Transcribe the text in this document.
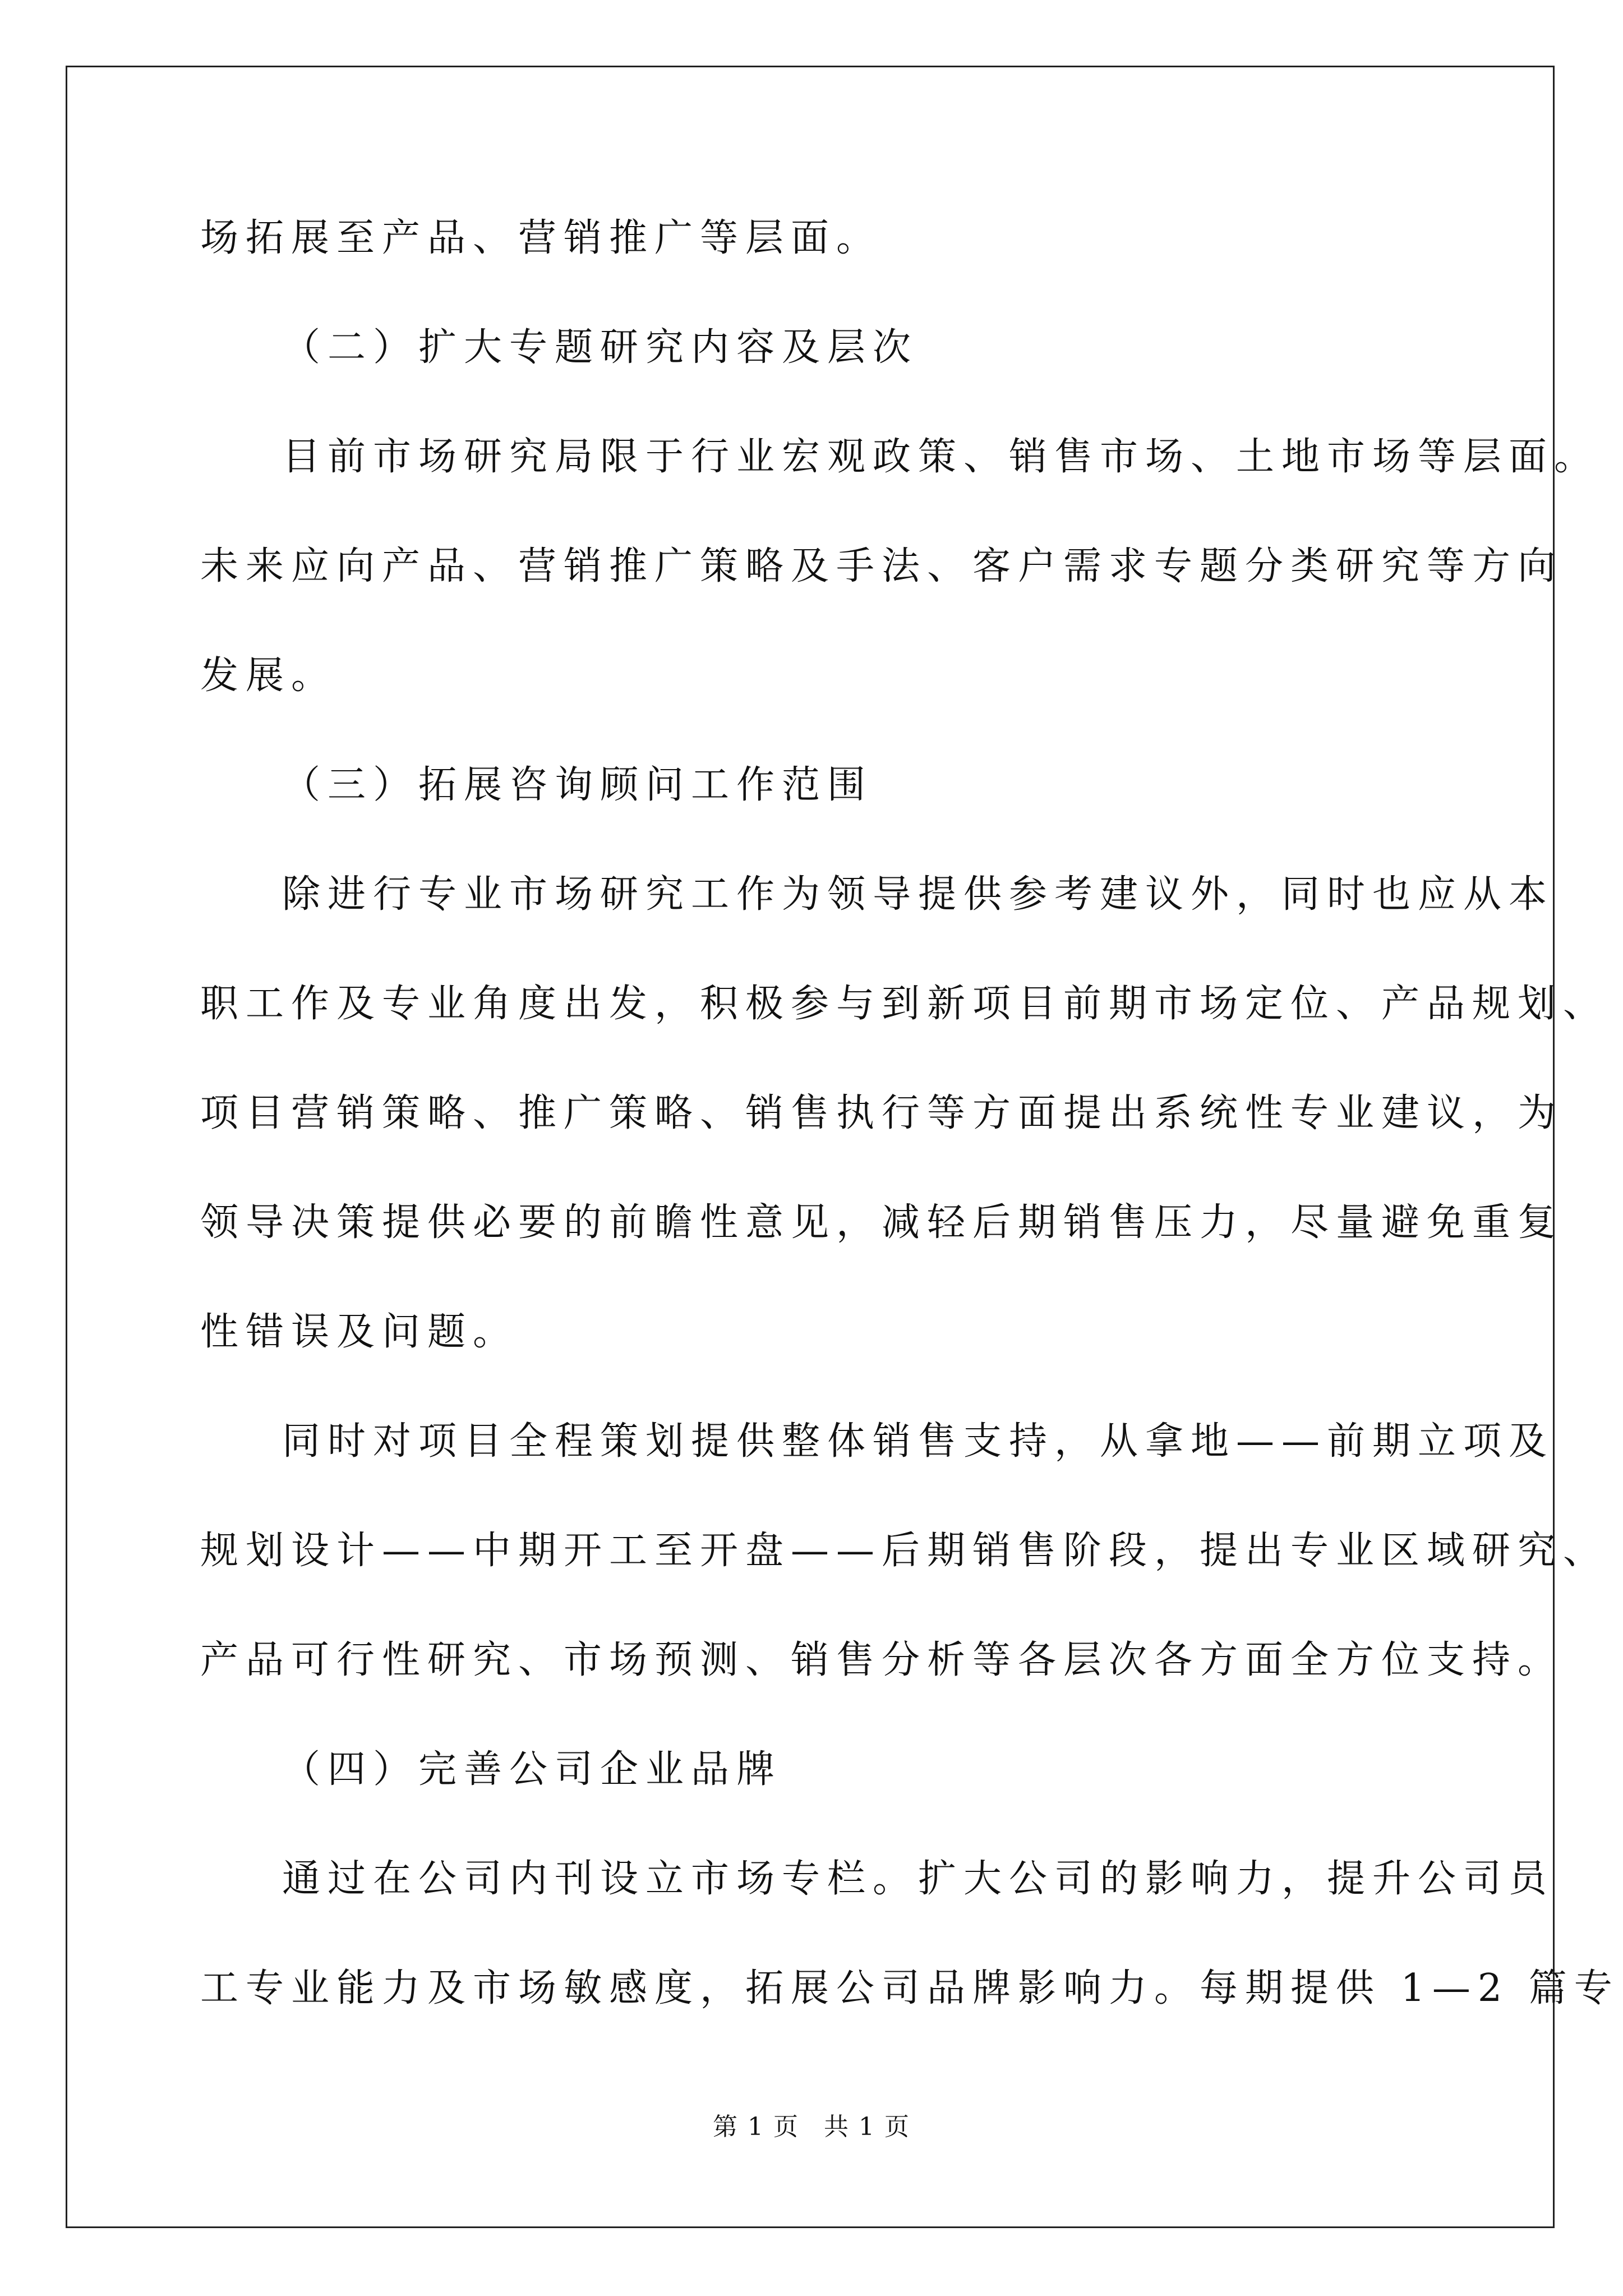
场拓展至产品、营销推广等层面。
（二）扩大专题研究内容及层次
目前市场研究局限于行业宏观政策、销售市场、土地市场等层面。
未来应向产品、营销推广策略及手法、客户需求专题分类研究等方向
发展。
（三）拓展咨询顾问工作范围
除进行专业市场研究工作为领导提供参考建议外，同时也应从本
职工作及专业角度出发，积极参与到新项目前期市场定位、产品规划、
项目营销策略、推广策略、销售执行等方面提出系统性专业建议，为
领导决策提供必要的前瞻性意见，减轻后期销售压力，尽量避免重复
性错误及问题。
同时对项目全程策划提供整体销售支持，从拿地——前期立项及
规划设计——中期开工至开盘——后期销售阶段，提出专业区域研究、
产品可行性研究、市场预测、销售分析等各层次各方面全方位支持。
（四）完善公司企业品牌
通过在公司内刊设立市场专栏。扩大公司的影响力，提升公司员
工专业能力及市场敏感度，拓展公司品牌影响力。每期提供 1—2 篇专
第 1 页 共 1 页
